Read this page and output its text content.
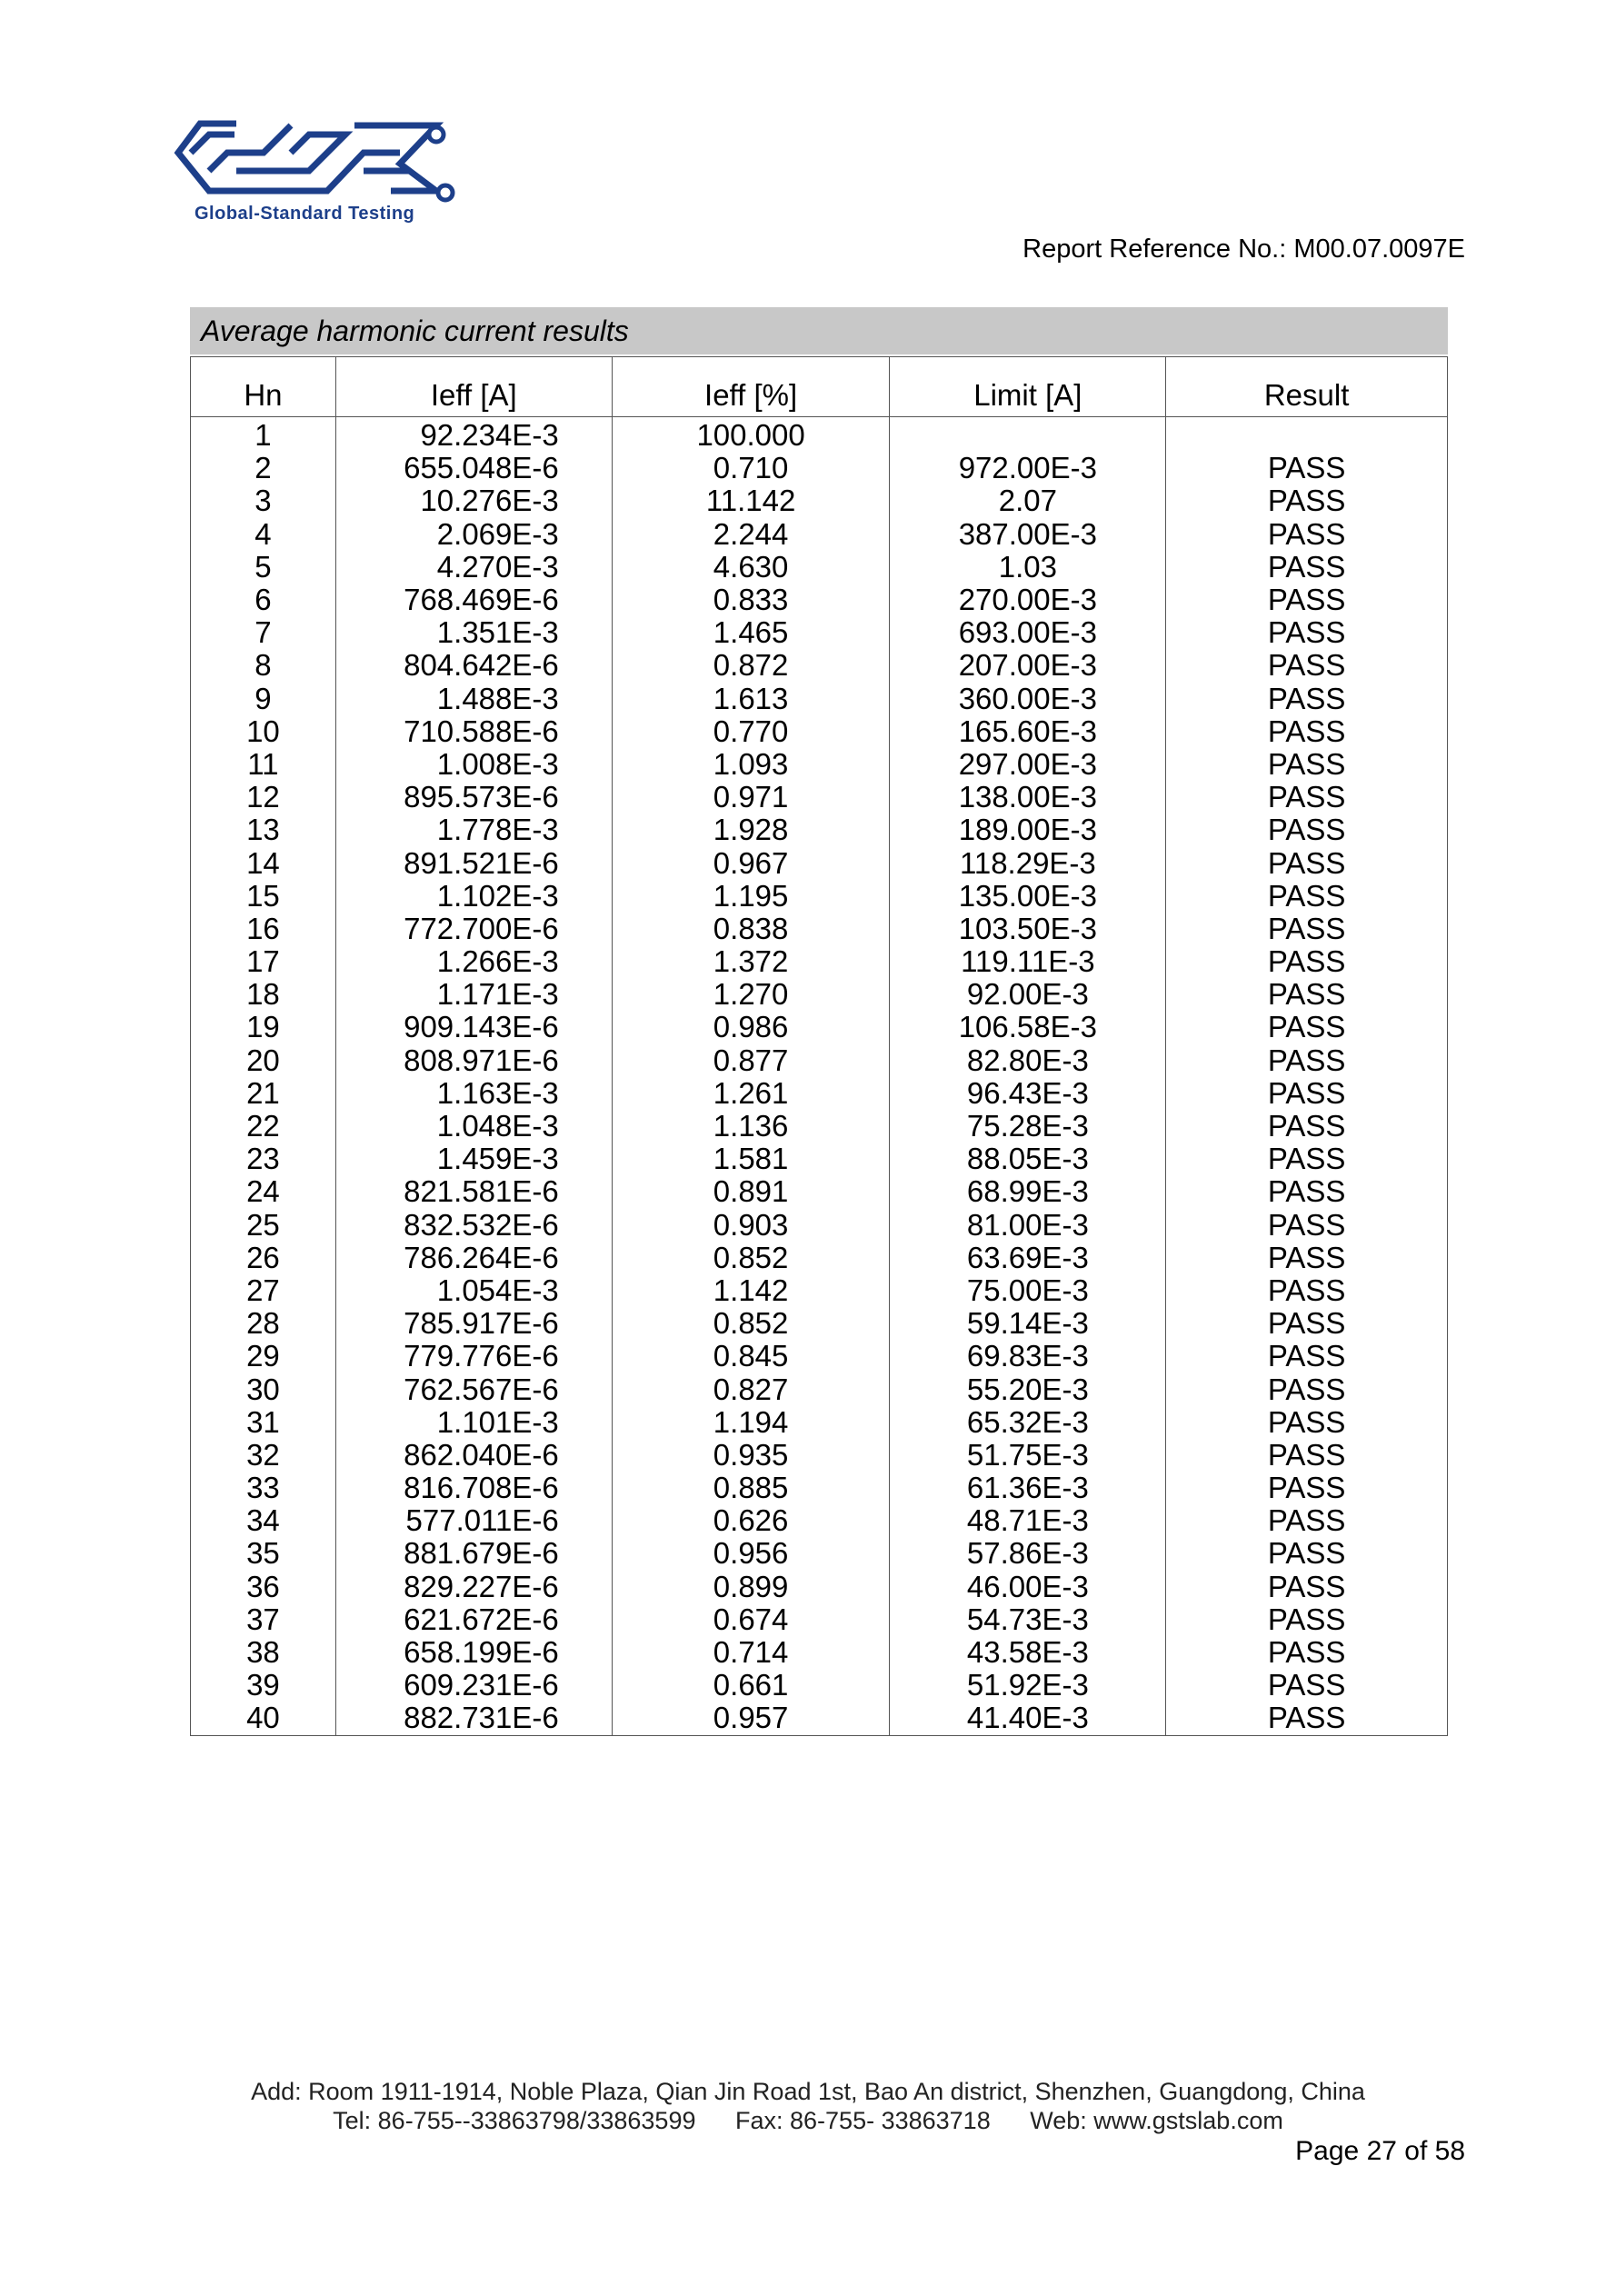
Global-Standard Testing
Report Reference No.: M00.07.0097E
Average harmonic current results
Hn	Ieff [A]	Ieff [%]	Limit [A]	Result
1	92.234E-3	100.000		
2	655.048E-6	0.710	972.00E-3	PASS
3	10.276E-3	11.142	2.07	PASS
4	2.069E-3	2.244	387.00E-3	PASS
5	4.270E-3	4.630	1.03	PASS
6	768.469E-6	0.833	270.00E-3	PASS
7	1.351E-3	1.465	693.00E-3	PASS
8	804.642E-6	0.872	207.00E-3	PASS
9	1.488E-3	1.613	360.00E-3	PASS
10	710.588E-6	0.770	165.60E-3	PASS
11	1.008E-3	1.093	297.00E-3	PASS
12	895.573E-6	0.971	138.00E-3	PASS
13	1.778E-3	1.928	189.00E-3	PASS
14	891.521E-6	0.967	118.29E-3	PASS
15	1.102E-3	1.195	135.00E-3	PASS
16	772.700E-6	0.838	103.50E-3	PASS
17	1.266E-3	1.372	119.11E-3	PASS
18	1.171E-3	1.270	92.00E-3	PASS
19	909.143E-6	0.986	106.58E-3	PASS
20	808.971E-6	0.877	82.80E-3	PASS
21	1.163E-3	1.261	96.43E-3	PASS
22	1.048E-3	1.136	75.28E-3	PASS
23	1.459E-3	1.581	88.05E-3	PASS
24	821.581E-6	0.891	68.99E-3	PASS
25	832.532E-6	0.903	81.00E-3	PASS
26	786.264E-6	0.852	63.69E-3	PASS
27	1.054E-3	1.142	75.00E-3	PASS
28	785.917E-6	0.852	59.14E-3	PASS
29	779.776E-6	0.845	69.83E-3	PASS
30	762.567E-6	0.827	55.20E-3	PASS
31	1.101E-3	1.194	65.32E-3	PASS
32	862.040E-6	0.935	51.75E-3	PASS
33	816.708E-6	0.885	61.36E-3	PASS
34	577.011E-6	0.626	48.71E-3	PASS
35	881.679E-6	0.956	57.86E-3	PASS
36	829.227E-6	0.899	46.00E-3	PASS
37	621.672E-6	0.674	54.73E-3	PASS
38	658.199E-6	0.714	43.58E-3	PASS
39	609.231E-6	0.661	51.92E-3	PASS
40	882.731E-6	0.957	41.40E-3	PASS
Add: Room 1911-1914, Noble Plaza, Qian Jin Road 1st, Bao An district, Shenzhen, Guangdong, China
Tel: 86-755--33863798/33863599 Fax: 86-755- 33863718 Web: www.gstslab.com
Page 27 of 58
